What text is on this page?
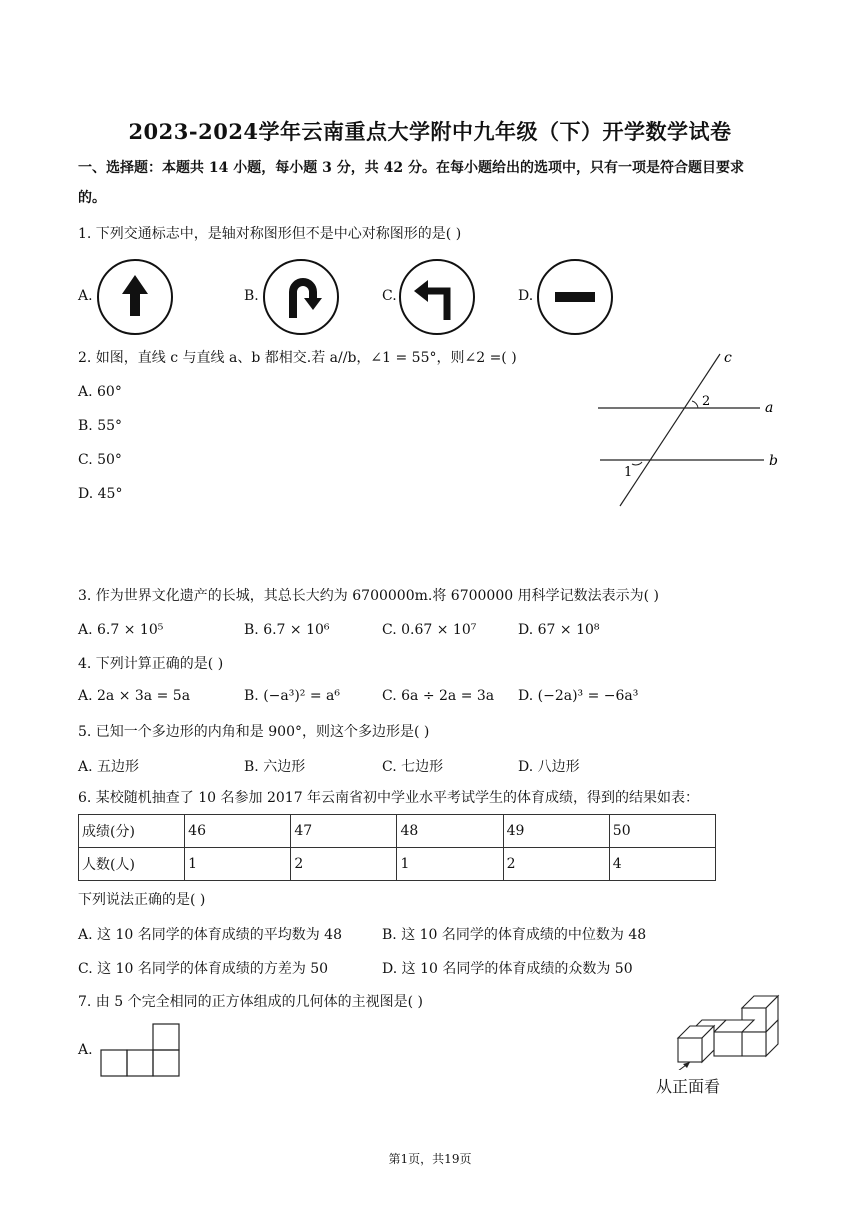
2023-2024学年云南重点大学附中九年级（下）开学数学试卷
一、选择题：本题共 14 小题，每小题 3 分，共 42 分。在每小题给出的选项中，只有一项是符合题目要求
的。
1. 下列交通标志中，是轴对称图形但不是中心对称图形的是( )
A.	B.	C.	D.
2. 如图，直线 c 与直线 a、b 都相交.若 a//b，∠1 = 55°，则∠2 =( )
A. 60°
B. 55°
C. 50°
D. 45°
c
a
b
2
1
3. 作为世界文化遗产的长城，其总长大约为 6700000m.将 6700000 用科学记数法表示为( )
A. 6.7 × 10⁵	B. 6.7 × 10⁶	C. 0.67 × 10⁷	D. 67 × 10⁸
4. 下列计算正确的是( )
A. 2a × 3a = 5a	B. (−a³)² = a⁶	C. 6a ÷ 2a = 3a D. (−2a)³ = −6a³
5. 已知一个多边形的内角和是 900°，则这个多边形是( )
A. 五边形	B. 六边形	C. 七边形	D. 八边形
6. 某校随机抽查了 10 名参加 2017 年云南省初中学业水平考试学生的体育成绩，得到的结果如表：
成绩(分)	46	47	48	49	50
人数(人)	1	2	1	2	4
下列说法正确的是( )
A. 这 10 名同学的体育成绩的平均数为 48	B. 这 10 名同学的体育成绩的中位数为 48
C. 这 10 名同学的体育成绩的方差为 50	D. 这 10 名同学的体育成绩的众数为 50
7. 由 5 个完全相同的正方体组成的几何体的主视图是( )
A.
从正面看
第1页，共19页
